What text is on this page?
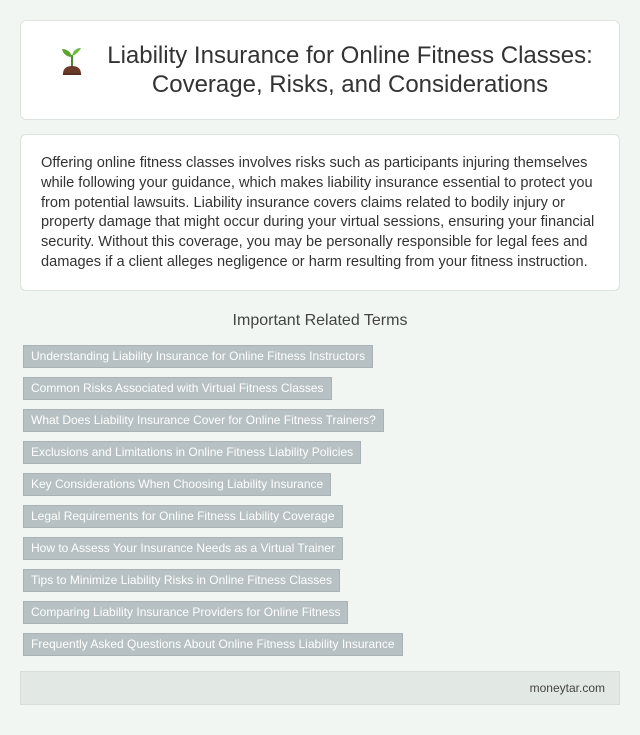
Liability Insurance for Online Fitness Classes: Coverage, Risks, and Considerations

Offering online fitness classes involves risks such as participants injuring themselves while following your guidance, which makes liability insurance essential to protect you from potential lawsuits. Liability insurance covers claims related to bodily injury or property damage that might occur during your virtual sessions, ensuring your financial security. Without this coverage, you may be personally responsible for legal fees and damages if a client alleges negligence or harm resulting from your fitness instruction.

Important Related Terms
Understanding Liability Insurance for Online Fitness Instructors
Common Risks Associated with Virtual Fitness Classes
What Does Liability Insurance Cover for Online Fitness Trainers?
Exclusions and Limitations in Online Fitness Liability Policies
Key Considerations When Choosing Liability Insurance
Legal Requirements for Online Fitness Liability Coverage
How to Assess Your Insurance Needs as a Virtual Trainer
Tips to Minimize Liability Risks in Online Fitness Classes
Comparing Liability Insurance Providers for Online Fitness
Frequently Asked Questions About Online Fitness Liability Insurance
moneytar.com
